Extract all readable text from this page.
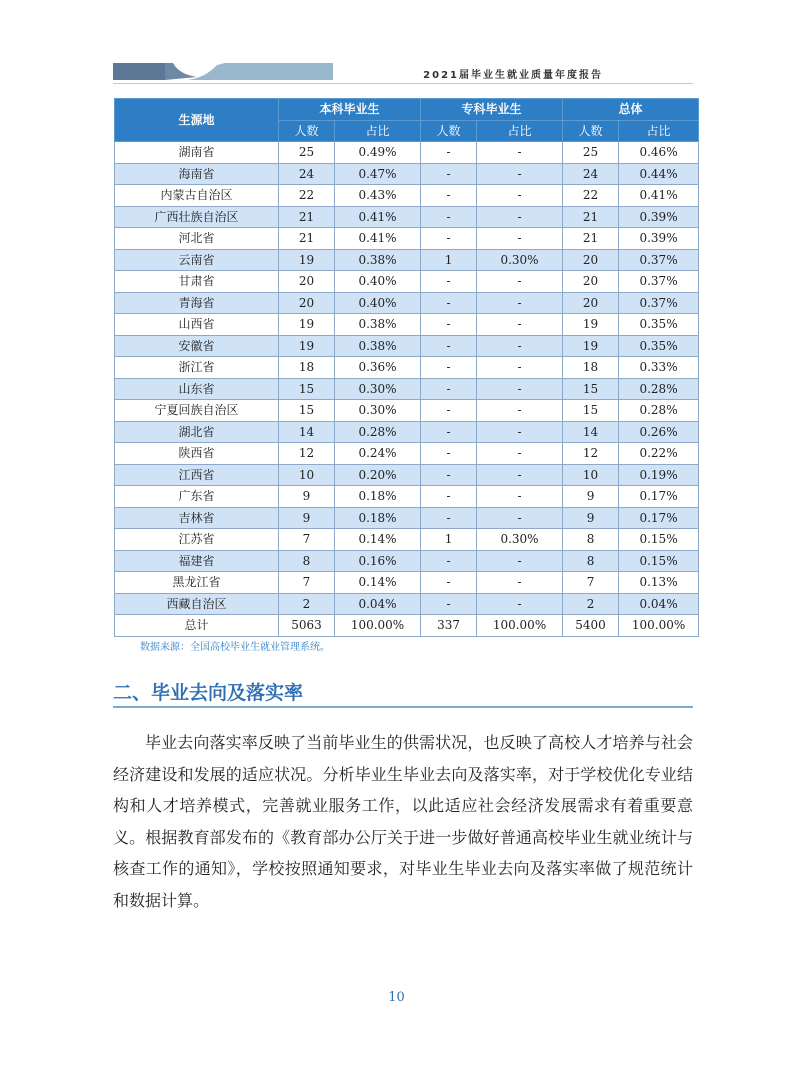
2021届毕业生就业质量年度报告
生源地	本科毕业生		专科毕业生		总体	
	人数	占比	人数	占比	人数	占比
湖南省	25	0.49%	-	-	25	0.46%
海南省	24	0.47%	-	-	24	0.44%
内蒙古自治区	22	0.43%	-	-	22	0.41%
广西壮族自治区	21	0.41%	-	-	21	0.39%
河北省	21	0.41%	-	-	21	0.39%
云南省	19	0.38%	1	0.30%	20	0.37%
甘肃省	20	0.40%	-	-	20	0.37%
青海省	20	0.40%	-	-	20	0.37%
山西省	19	0.38%	-	-	19	0.35%
安徽省	19	0.38%	-	-	19	0.35%
浙江省	18	0.36%	-	-	18	0.33%
山东省	15	0.30%	-	-	15	0.28%
宁夏回族自治区	15	0.30%	-	-	15	0.28%
湖北省	14	0.28%	-	-	14	0.26%
陕西省	12	0.24%	-	-	12	0.22%
江西省	10	0.20%	-	-	10	0.19%
广东省	9	0.18%	-	-	9	0.17%
吉林省	9	0.18%	-	-	9	0.17%
江苏省	7	0.14%	1	0.30%	8	0.15%
福建省	8	0.16%	-	-	8	0.15%
黑龙江省	7	0.14%	-	-	7	0.13%
西藏自治区	2	0.04%	-	-	2	0.04%
总计	5063	100.00%	337	100.00%	5400	100.00%
数据来源：全国高校毕业生就业管理系统。
二、毕业去向及落实率

毕业去向落实率反映了当前毕业生的供需状况，也反映了高校人才培养与社会经济建设和发展的适应状况。分析毕业生毕业去向及落实率，对于学校优化专业结构和人才培养模式，完善就业服务工作，以此适应社会经济发展需求有着重要意义。根据教育部发布的《教育部办公厅关于进一步做好普通高校毕业生就业统计与核查工作的通知》，学校按照通知要求，对毕业生毕业去向及落实率做了规范统计和数据计算。

10
